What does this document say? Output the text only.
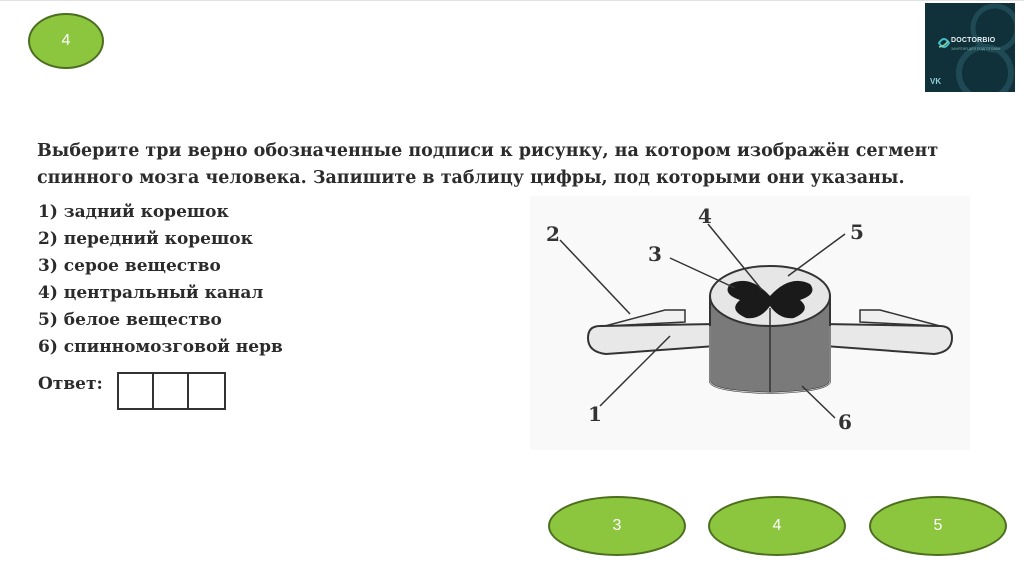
4	DOCTORBIO
ЗАНЯТИЯ ДЛЯ ПОДГОТОВКИ
VK
Выберите три верно обозначенные подписи к рисунку, на котором изображён сегмент спинного мозга человека. Запишите в таблицу цифры, под которыми они указаны.
1) задний корешок
2) передний корешок
3) серое вещество
4) центральный канал
5) белое вещество
6) спинномозговой нерв
Ответ:
2
3
4
5
1	6
3	4	5
